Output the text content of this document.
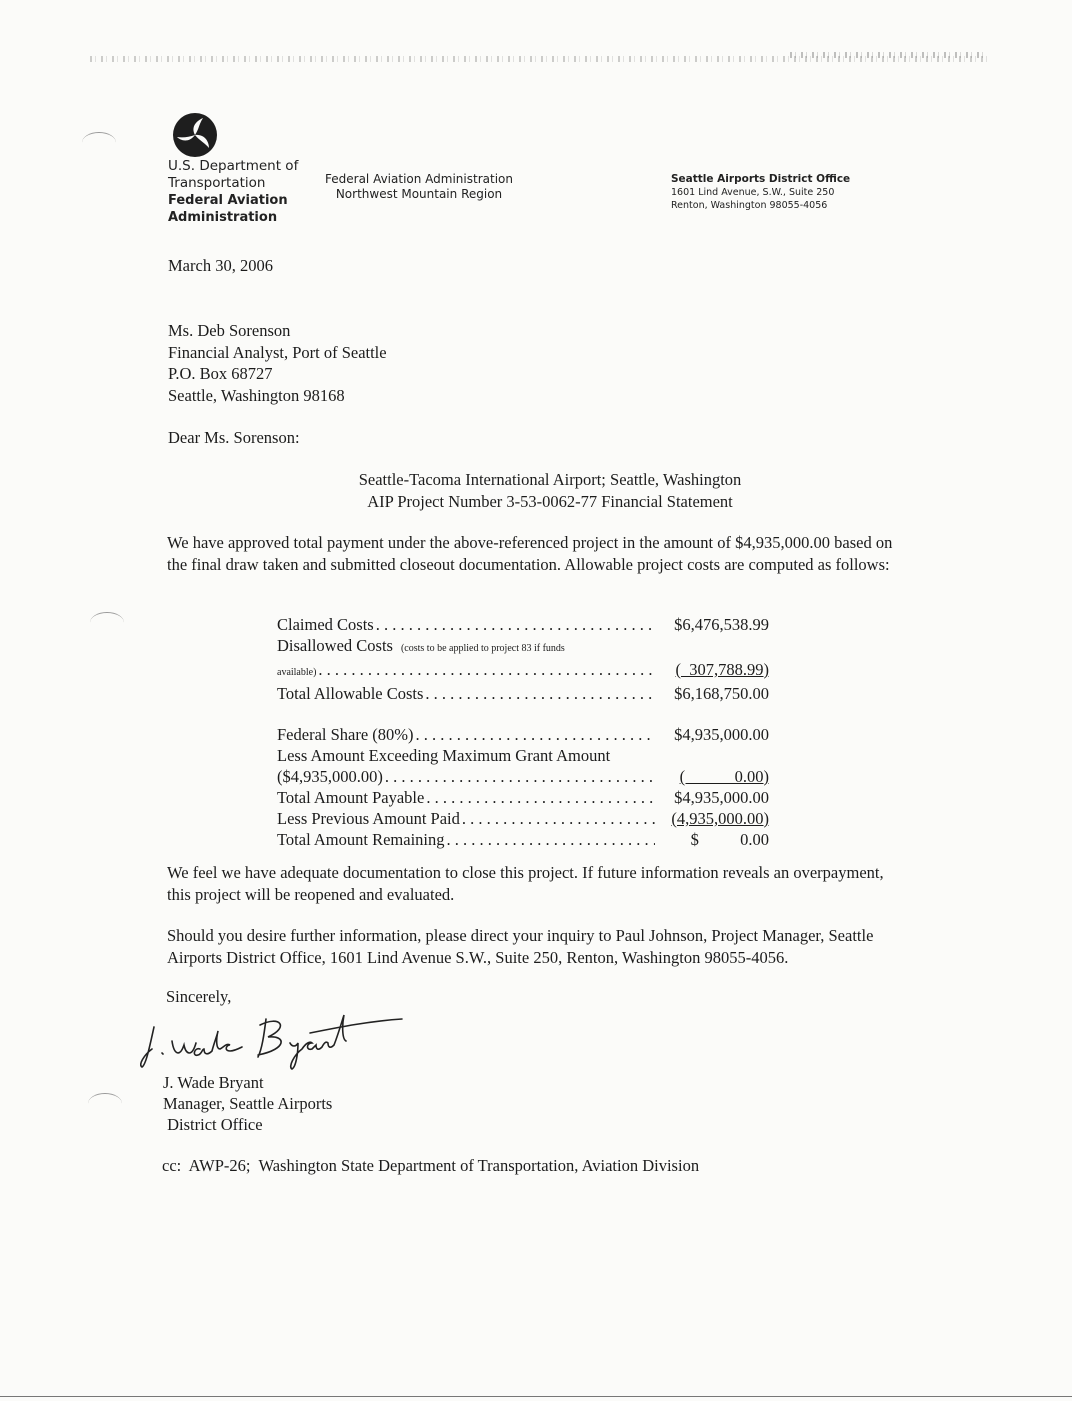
U.S. Department of
Transportation
Federal Aviation
Administration
Federal Aviation Administration
Northwest Mountain Region
Seattle Airports District Office
1601 Lind Avenue, S.W., Suite 250
Renton, Washington 98055-4056
March 30, 2006
Ms. Deb Sorenson
Financial Analyst, Port of Seattle
P.O. Box 68727
Seattle, Washington 98168
Dear Ms. Sorenson:
Seattle-Tacoma International Airport; Seattle, Washington
AIP Project Number 3-53-0062-77 Financial Statement
We have approved total payment under the above-referenced project in the amount of $4,935,000.00 based on the final draw taken and submitted closeout documentation. Allowable project costs are computed as follows:
Claimed Costs . . .	$6,476,538.99
Disallowed Costs (costs to be applied to project 83 if funds
available) . . .	(  307,788.99)
Total Allowable Costs . . .	$6,168,750.00
Federal Share (80%) . . .	$4,935,000.00
Less Amount Exceeding Maximum Grant Amount
($4,935,000.00) . . .	(            0.00)
Total Amount Payable . . .	$4,935,000.00
Less Previous Amount Paid . . .	(4,935,000.00)
Total Amount Remaining . . .	$          0.00
We feel we have adequate documentation to close this project. If future information reveals an overpayment, this project will be reopened and evaluated.
Should you desire further information, please direct your inquiry to Paul Johnson, Project Manager, Seattle Airports District Office, 1601 Lind Avenue S.W., Suite 250, Renton, Washington 98055-4056.
Sincerely,
J. Wade Bryant
Manager, Seattle Airports
District Office
cc:  AWP-26;  Washington State Department of Transportation, Aviation Division
